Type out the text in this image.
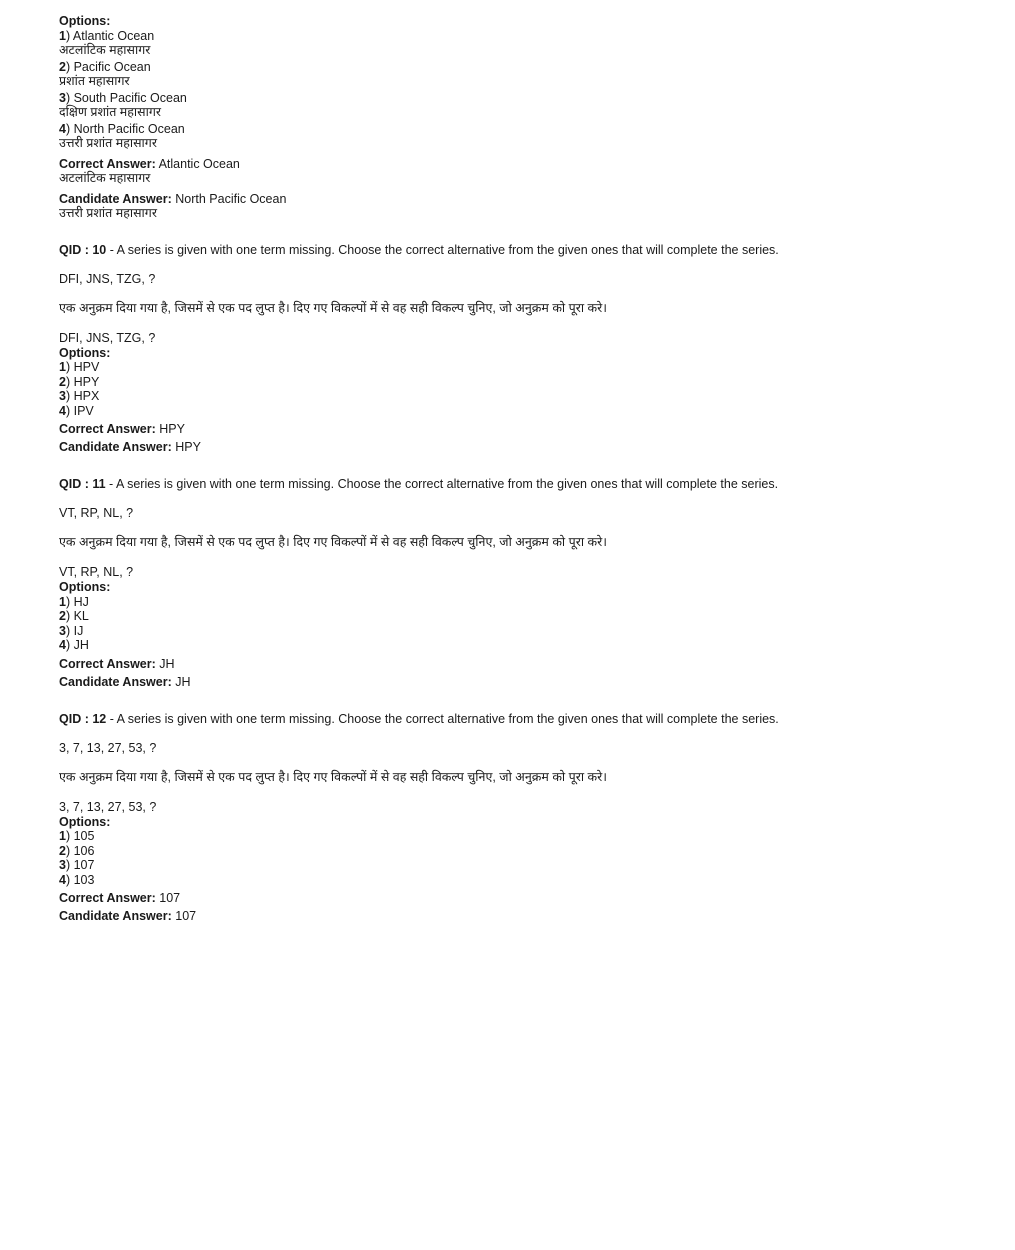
Options:
1) Atlantic Ocean
अटलांटिक महासागर
2) Pacific Ocean
प्रशांत महासागर
3) South Pacific Ocean
दक्षिण प्रशांत महासागर
4) North Pacific Ocean
उत्तरी प्रशांत महासागर
Correct Answer: Atlantic Ocean
अटलांटिक महासागर
Candidate Answer: North Pacific Ocean
उत्तरी प्रशांत महासागर
QID : 10 - A series is given with one term missing. Choose the correct alternative from the given ones that will complete the series.
DFI, JNS, TZG, ?
एक अनुक्रम दिया गया है, जिसमें से एक पद लुप्त है। दिए गए विकल्पों में से वह सही विकल्प चुनिए, जो अनुक्रम को पूरा करे।
DFI, JNS, TZG, ?
Options:
1) HPV
2) HPY
3) HPX
4) IPV
Correct Answer: HPY
Candidate Answer: HPY
QID : 11 - A series is given with one term missing. Choose the correct alternative from the given ones that will complete the series.
VT, RP, NL, ?
एक अनुक्रम दिया गया है, जिसमें से एक पद लुप्त है। दिए गए विकल्पों में से वह सही विकल्प चुनिए, जो अनुक्रम को पूरा करे।
VT, RP, NL, ?
Options:
1) HJ
2) KL
3) IJ
4) JH
Correct Answer: JH
Candidate Answer: JH
QID : 12 - A series is given with one term missing. Choose the correct alternative from the given ones that will complete the series.
3, 7, 13, 27, 53, ?
एक अनुक्रम दिया गया है, जिसमें से एक पद लुप्त है। दिए गए विकल्पों में से वह सही विकल्प चुनिए, जो अनुक्रम को पूरा करे।
3, 7, 13, 27, 53, ?
Options:
1) 105
2) 106
3) 107
4) 103
Correct Answer: 107
Candidate Answer: 107
